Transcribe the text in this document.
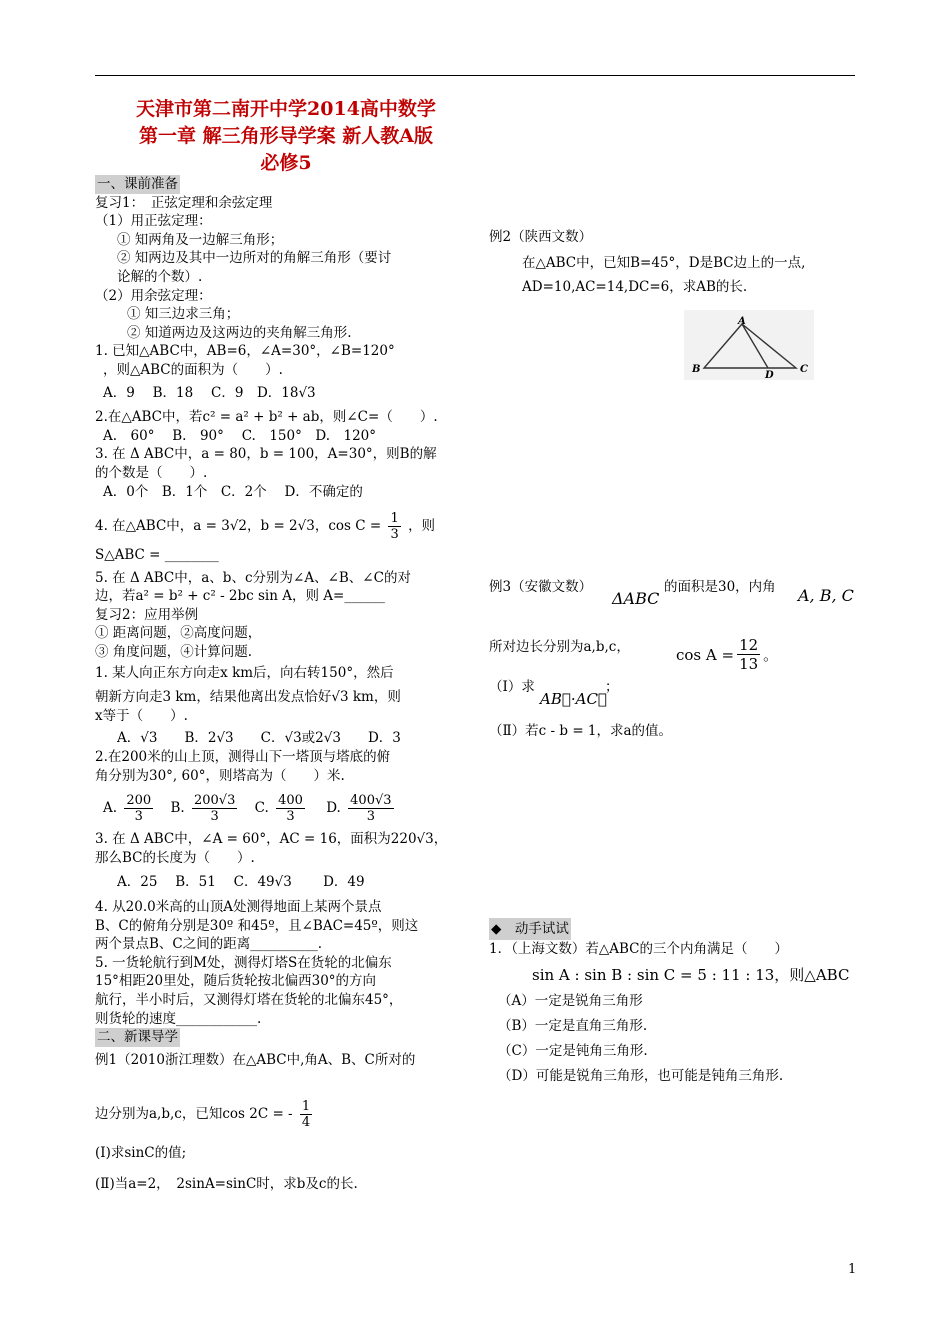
天津市第二南开中学2014高中数学
第一章 解三角形导学案 新人教A版
必修5
一、课前准备
复习1：　正弦定理和余弦定理
（1）用正弦定理：
① 知两角及一边解三角形；
② 知两边及其中一边所对的角解三角形（要讨
论解的个数）.
（2）用余弦定理：
① 知三边求三角；
② 知道两边及这两边的夹角解三角形.
1. 已知△ABC中，AB=6，∠A=30°，∠B=120°
，则△ABC的面积为（　　）.
A．9　 B．18　 C．9　D．18√3
2.在△ABC中，若c² = a² + b² + ab，则∠C=（　　）.
A.　60°　 B.　90°　 C.　150°　D.　120°
3. 在 Δ ABC中，a = 80，b = 100，A=30°，则B的解
的个数是（　　）.
A．0个　B．1个　C．2个　 D．不确定的
4. 在△ABC中，a = 3√2，b = 2√3，$\cos C = \frac{1}{3}$ ，则
S△ABC = ________
5. 在 Δ ABC中，a、b、c分别为∠A、∠B、∠C的对
边，若a² = b² + c² - 2bc sin A，则 A=______
复习2：应用举例
① 距离问题，②高度问题，
③ 角度问题，④计算问题.
1. 某人向正东方向走x km后，向右转150°，然后
朝新方向走3 km，结果他离出发点恰好√3 km，则
x等于（　　）.
A．√3　　B．2√3　　C．√3或2√3　　D．3
2.在200米的山上顶，测得山下一塔顶与塔底的俯
角分别为30°, 60°，则塔高为（　　）米.
A. $\frac{200}{3} B$. $\frac{200√3}{3} C$. $\frac{400}{3} D$. $\frac{400√3}{3}$
3. 在 Δ ABC中，∠A = 60°，AC = 16，面积为220√3，
那么BC的长度为（　　）.
A．25　 B．51　 C．49√3　　 D．49
4. 从20.0米高的山顶A处测得地面上某两个景点
B、C的俯角分别是30º 和45º，且∠BAC=45º，则这
两个景点B、C之间的距离__________.
5. 一货轮航行到M处，测得灯塔S在货轮的北偏东
15°相距20里处，随后货轮按北偏西30°的方向
航行，半小时后，又测得灯塔在货轮的北偏东45°，
则货轮的速度____________.
二、新课导学
例1（2010浙江理数）在△ABC中,角A、B、C所对的
边分别为a,b,c，已知cos 2C = - $\frac{1}{4}$
(Ⅰ)求sinC的值;
(Ⅱ)当a=2，　2sinA=sinC时，求b及c的长.
例2（陕西文数）
在△ABC中，已知B=45°，D是BC边上的一点,
AD=10,AC=14,DC=6，求AB的长.
A
B
D
C
例3（安徽文数）
ΔABC
的面积是30，内角 A, B, C
所对边长分别为a,b,c，	$\cos A = \frac{12}{13}$ 。
（Ⅰ）求
AB⃗·AC⃗
；
（Ⅱ）若c - b = 1，求a的值。
◆　动手试试
1．（上海文数）若△ABC的三个内角满足（　　）
sin A : sin B : sin C = 5 : 11 : 13，则△ABC
（A）一定是锐角三角形
（B）一定是直角三角形.
（C）一定是钝角三角形.
（D）可能是锐角三角形，也可能是钝角三角形.
1
